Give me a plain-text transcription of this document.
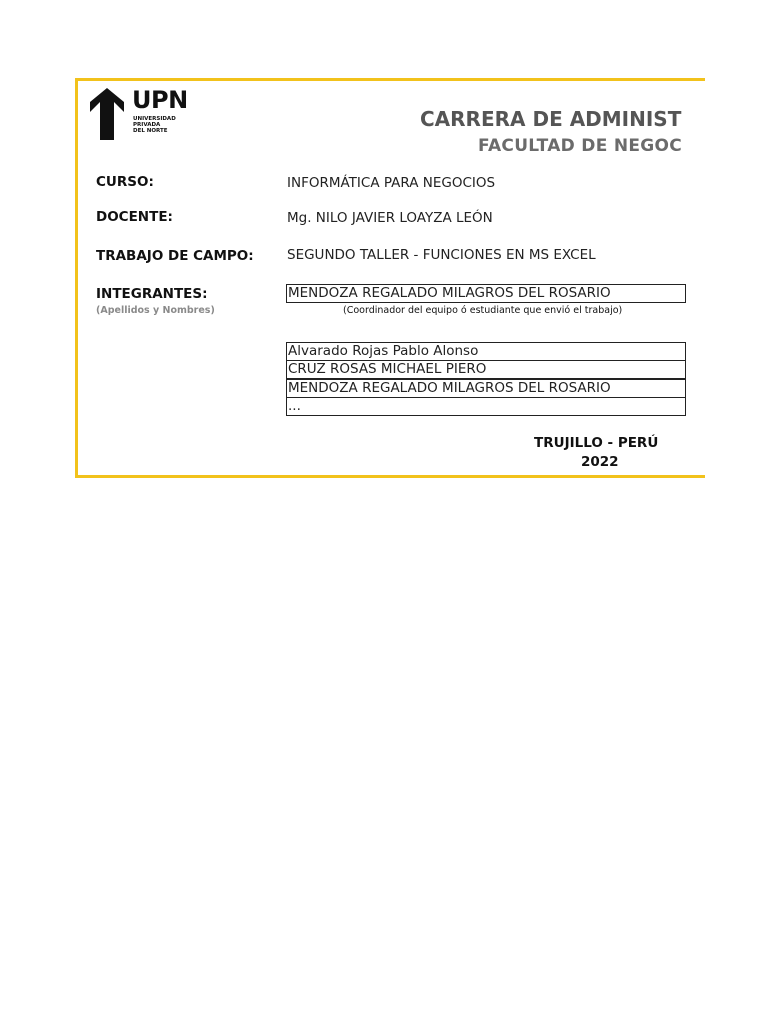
UPN
UNIVERSIDAD
PRIVADA
DEL NORTE	CARRERA DE ADMINIST
FACULTAD DE NEGOC
CURSO:	INFORMÁTICA PARA NEGOCIOS
DOCENTE:	Mg. NILO JAVIER LOAYZA LEÓN
TRABAJO DE CAMPO: SEGUNDO TALLER - FUNCIONES EN MS EXCEL
INTEGRANTES:
(Apellidos y Nombres)
MENDOZA REGALADO MILAGROS DEL ROSARIO
(Coordinador del equipo ó estudiante que envió el trabajo)
Alvarado Rojas Pablo Alonso
CRUZ ROSAS MICHAEL PIERO
MENDOZA REGALADO MILAGROS DEL ROSARIO
...
TRUJILLO - PERÚ
2022
